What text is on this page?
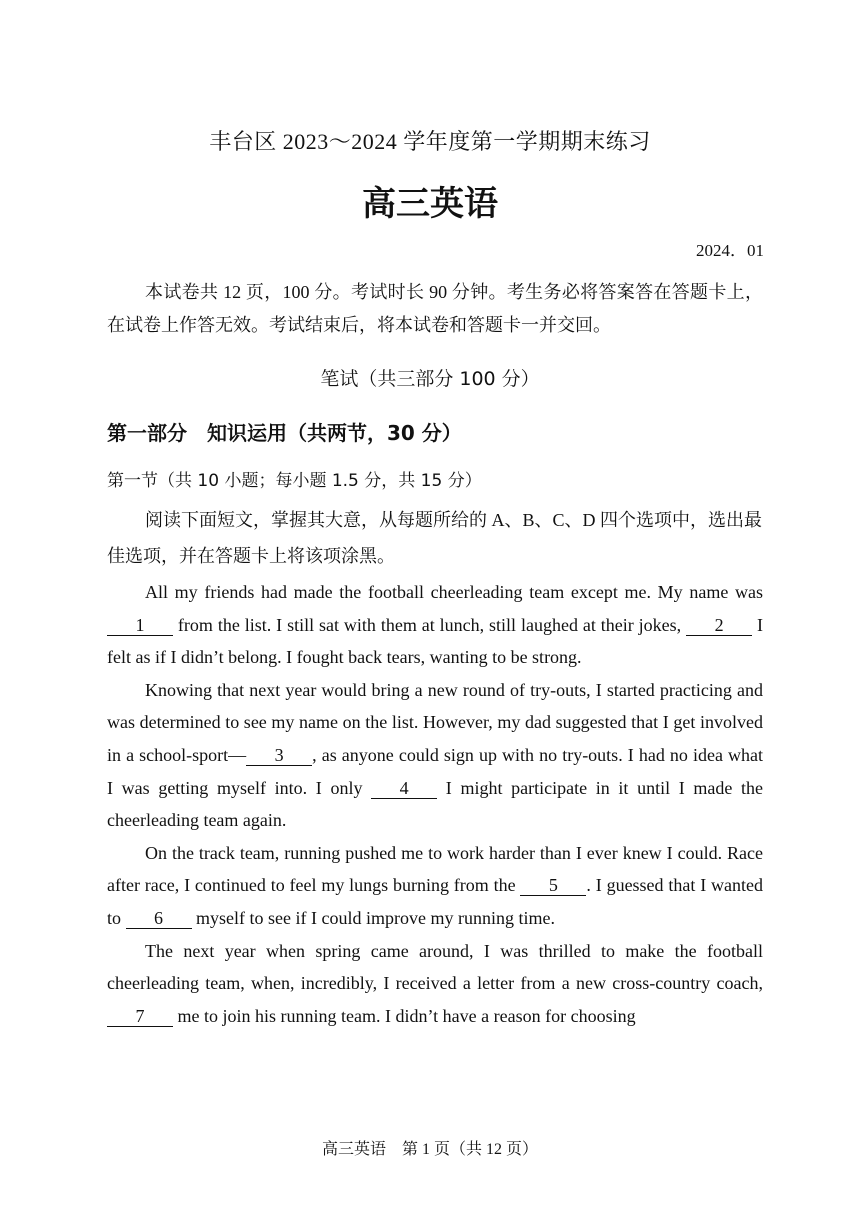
丰台区 2023～2024 学年度第一学期期末练习
高三英语
2024．01

本试卷共 12 页，100 分。考试时长 90 分钟。考生务必将答案答在答题卡上，在试卷上作答无效。考试结束后，将本试卷和答题卡一并交回。

笔试（共三部分 100 分）
第一部分　知识运用（共两节，30 分）
第一节（共 10 小题；每小题 1.5 分，共 15 分）

阅读下面短文，掌握其大意，从每题所给的 A、B、C、D 四个选项中，选出最佳选项，并在答题卡上将该项涂黑。

All my friends had made the football cheerleading team except me. My name was 1 from the list. I still sat with them at lunch, still laughed at their jokes, 2 I felt as if I didn’t belong. I fought back tears, wanting to be strong.

Knowing that next year would bring a new round of try-outs, I started practicing and was determined to see my name on the list. However, my dad suggested that I get involved in a school-sport— 3 , as anyone could sign up with no try-outs. I had no idea what I was getting myself into. I only 4 I might participate in it until I made the cheerleading team again.

On the track team, running pushed me to work harder than I ever knew I could. Race after race, I continued to feel my lungs burning from the 5 . I guessed that I wanted to 6 myself to see if I could improve my running time.

The next year when spring came around, I was thrilled to make the football cheerleading team, when, incredibly, I received a letter from a new cross-country coach, 7 me to join his running team. I didn’t have a reason for choosing

高三英语　第 1 页（共 12 页）
